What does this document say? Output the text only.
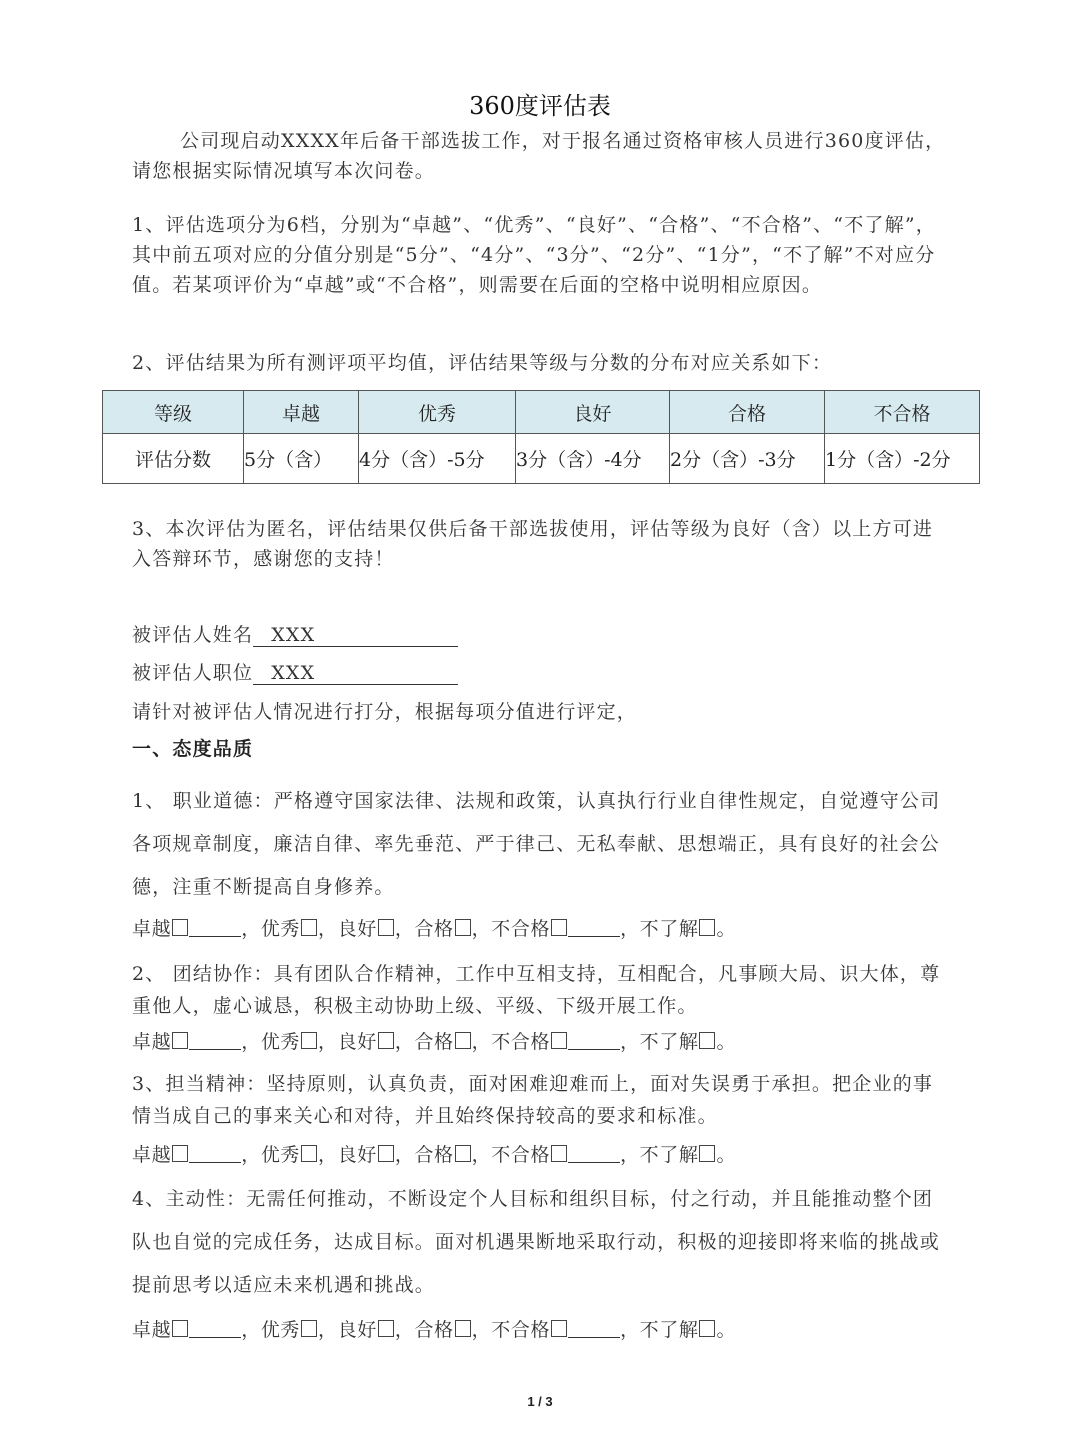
360度评估表
公司现启动XXXX年后备干部选拔工作，对于报名通过资格审核人员进行360度评估，请您根据实际情况填写本次问卷。
1、评估选项分为6档，分别为“卓越”、“优秀”、“良好”、“合格”、“不合格”、“不了解”，其中前五项对应的分值分别是“5分”、“4分”、“3分”、“2分”、“1分”，“不了解”不对应分值。若某项评价为“卓越”或“不合格”，则需要在后面的空格中说明相应原因。
2、评估结果为所有测评项平均值，评估结果等级与分数的分布对应关系如下：
等级	卓越	优秀	良好	合格	不合格
评估分数	5分（含）	4分（含）-5分	3分（含）-4分	2分（含）-3分	1分（含）-2分
3、本次评估为匿名，评估结果仅供后备干部选拔使用，评估等级为良好（含）以上方可进入答辩环节，感谢您的支持！
被评估人姓名 XXX
被评估人职位 XXX
请针对被评估人情况进行打分，根据每项分值进行评定，
一、态度品质
1、 职业道德：严格遵守国家法律、法规和政策，认真执行行业自律性规定，自觉遵守公司各项规章制度，廉洁自律、率先垂范、严于律己、无私奉献、思想端正，具有良好的社会公德，注重不断提高自身修养。
卓越	，优秀 ，良好 ，合格 ，不合格	，不了解 。
2、 团结协作：具有团队合作精神，工作中互相支持，互相配合，凡事顾大局、识大体，尊重他人，虚心诚恳，积极主动协助上级、平级、下级开展工作。
卓越	，优秀 ，良好 ，合格 ，不合格	，不了解 。
3、担当精神：坚持原则，认真负责，面对困难迎难而上，面对失误勇于承担。把企业的事情当成自己的事来关心和对待，并且始终保持较高的要求和标准。
卓越	，优秀 ，良好 ，合格 ，不合格	，不了解 。
4、主动性：无需任何推动，不断设定个人目标和组织目标，付之行动，并且能推动整个团队也自觉的完成任务，达成目标。面对机遇果断地采取行动，积极的迎接即将来临的挑战或提前思考以适应未来机遇和挑战。
卓越	，优秀 ，良好 ，合格 ，不合格	，不了解 。
1 / 3
